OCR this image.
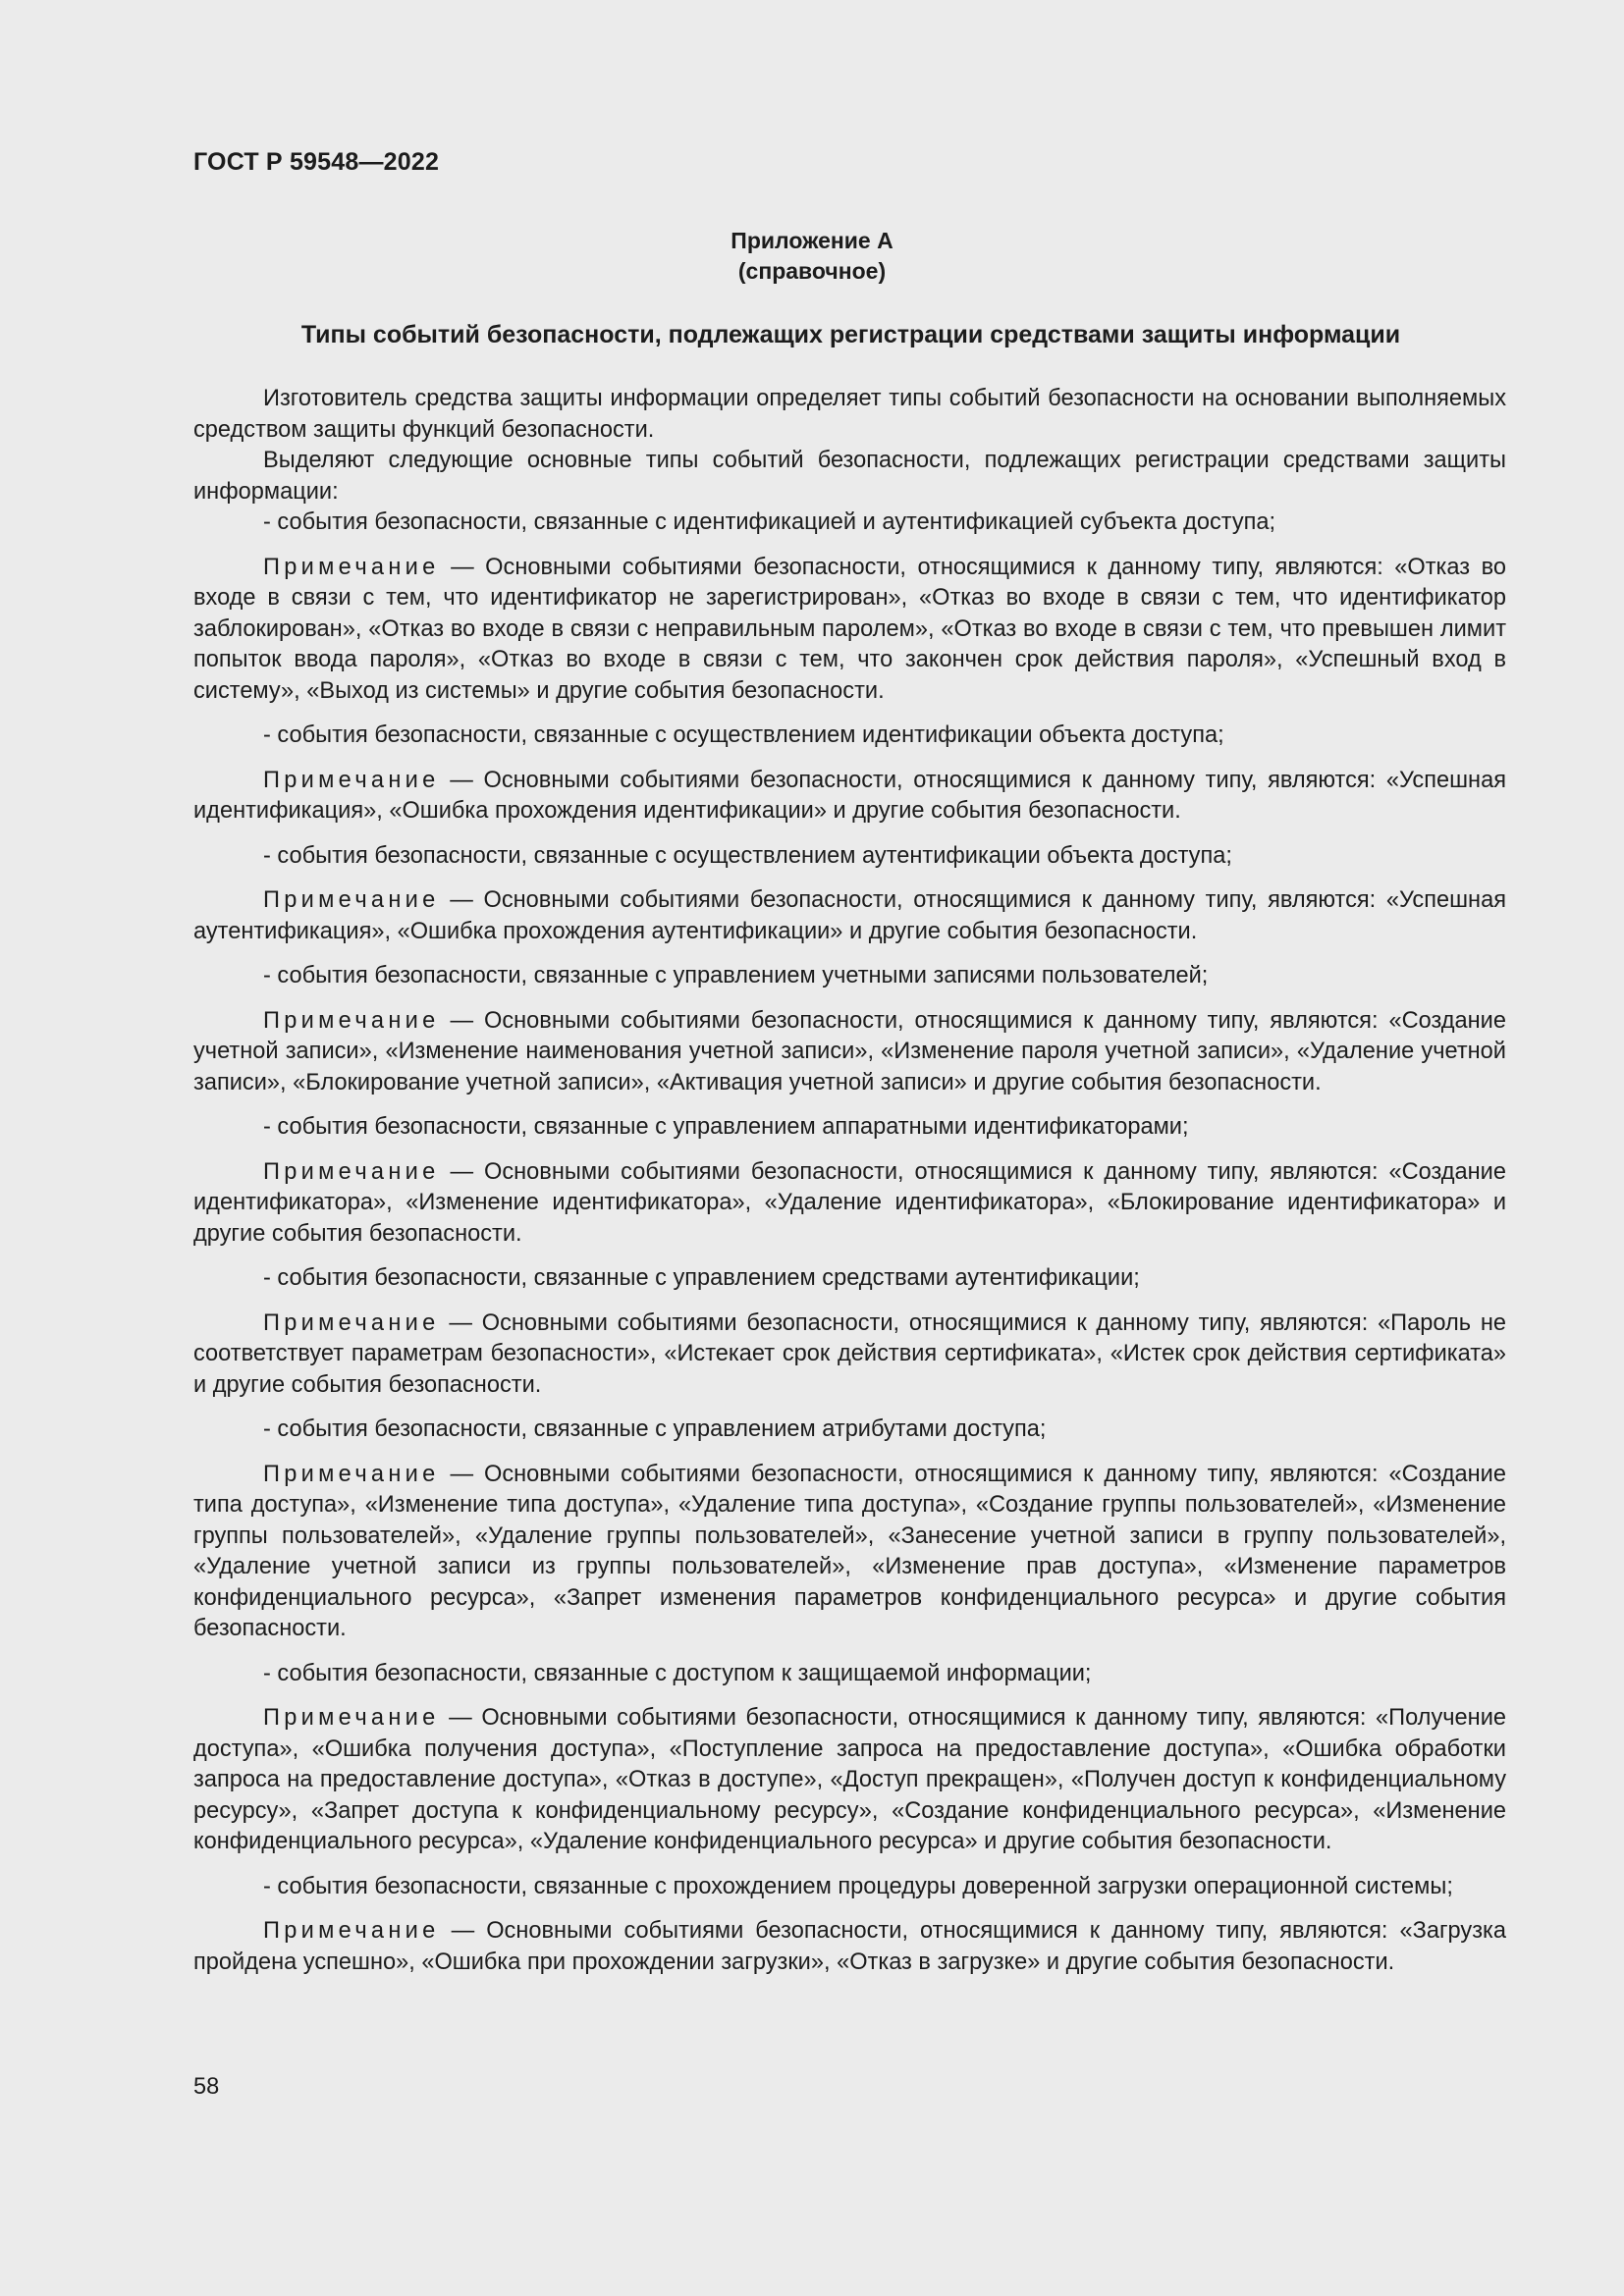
ГОСТ Р 59548—2022
Приложение А
(справочное)
Типы событий безопасности, подлежащих регистрации средствами защиты информации

Изготовитель средства защиты информации определяет типы событий безопасности на основании выполняемых средством защиты функций безопасности.

Выделяют следующие основные типы событий безопасности, подлежащих регистрации средствами защиты информации:

- события безопасности, связанные с идентификацией и аутентификацией субъекта доступа;

Примечание — Основными событиями безопасности, относящимися к данному типу, являются: «Отказ во входе в связи с тем, что идентификатор не зарегистрирован», «Отказ во входе в связи с тем, что идентификатор заблокирован», «Отказ во входе в связи с неправильным паролем», «Отказ во входе в связи с тем, что превышен лимит попыток ввода пароля», «Отказ во входе в связи с тем, что закончен срок действия пароля», «Успешный вход в систему», «Выход из системы» и другие события безопасности.

- события безопасности, связанные с осуществлением идентификации объекта доступа;

Примечание — Основными событиями безопасности, относящимися к данному типу, являются: «Успешная идентификация», «Ошибка прохождения идентификации» и другие события безопасности.

- события безопасности, связанные с осуществлением аутентификации объекта доступа;

Примечание — Основными событиями безопасности, относящимися к данному типу, являются: «Успешная аутентификация», «Ошибка прохождения аутентификации» и другие события безопасности.

- события безопасности, связанные с управлением учетными записями пользователей;

Примечание — Основными событиями безопасности, относящимися к данному типу, являются: «Создание учетной записи», «Изменение наименования учетной записи», «Изменение пароля учетной записи», «Удаление учетной записи», «Блокирование учетной записи», «Активация учетной записи» и другие события безопасности.

- события безопасности, связанные с управлением аппаратными идентификаторами;

Примечание — Основными событиями безопасности, относящимися к данному типу, являются: «Создание идентификатора», «Изменение идентификатора», «Удаление идентификатора», «Блокирование идентификатора» и другие события безопасности.

- события безопасности, связанные с управлением средствами аутентификации;

Примечание — Основными событиями безопасности, относящимися к данному типу, являются: «Пароль не соответствует параметрам безопасности», «Истекает срок действия сертификата», «Истек срок действия сертификата» и другие события безопасности.

- события безопасности, связанные с управлением атрибутами доступа;

Примечание — Основными событиями безопасности, относящимися к данному типу, являются: «Создание типа доступа», «Изменение типа доступа», «Удаление типа доступа», «Создание группы пользователей», «Изменение группы пользователей», «Удаление группы пользователей», «Занесение учетной записи в группу пользователей», «Удаление учетной записи из группы пользователей», «Изменение прав доступа», «Изменение параметров конфиденциального ресурса», «Запрет изменения параметров конфиденциального ресурса» и другие события безопасности.

- события безопасности, связанные с доступом к защищаемой информации;

Примечание — Основными событиями безопасности, относящимися к данному типу, являются: «Получение доступа», «Ошибка получения доступа», «Поступление запроса на предоставление доступа», «Ошибка обработки запроса на предоставление доступа», «Отказ в доступе», «Доступ прекращен», «Получен доступ к конфиденциальному ресурсу», «Запрет доступа к конфиденциальному ресурсу», «Создание конфиденциального ресурса», «Изменение конфиденциального ресурса», «Удаление конфиденциального ресурса» и другие события безопасности.

- события безопасности, связанные с прохождением процедуры доверенной загрузки операционной системы;

Примечание — Основными событиями безопасности, относящимися к данному типу, являются: «Загрузка пройдена успешно», «Ошибка при прохождении загрузки», «Отказ в загрузке» и другие события безопасности.

58
